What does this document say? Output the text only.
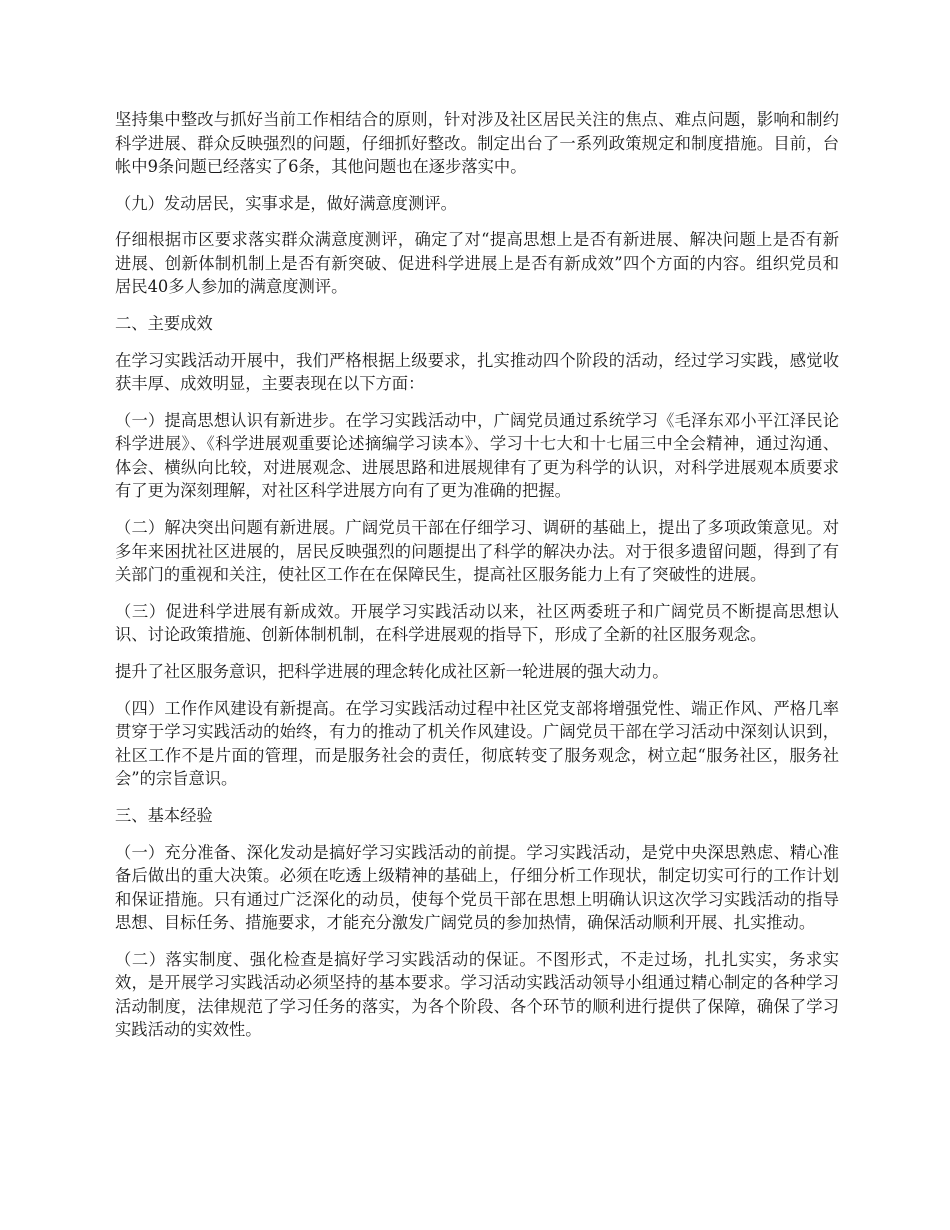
坚持集中整改与抓好当前工作相结合的原则，针对涉及社区居民关注的焦点、难点问题，影响和制约科学进展、群众反映强烈的问题，仔细抓好整改。制定出台了一系列政策规定和制度措施。目前，台帐中9条问题已经落实了6条，其他问题也在逐步落实中。

（九）发动居民，实事求是，做好满意度测评。

仔细根据市区要求落实群众满意度测评，确定了对“提高思想上是否有新进展、解决问题上是否有新进展、创新体制机制上是否有新突破、促进科学进展上是否有新成效”四个方面的内容。组织党员和居民40多人参加的满意度测评。

二、主要成效

在学习实践活动开展中，我们严格根据上级要求，扎实推动四个阶段的活动，经过学习实践，感觉收获丰厚、成效明显，主要表现在以下方面：

（一）提高思想认识有新进步。在学习实践活动中，广阔党员通过系统学习《毛泽东邓小平江泽民论科学进展》、《科学进展观重要论述摘编学习读本》、学习十七大和十七届三中全会精神，通过沟通、体会、横纵向比较，对进展观念、进展思路和进展规律有了更为科学的认识，对科学进展观本质要求有了更为深刻理解，对社区科学进展方向有了更为准确的把握。

（二）解决突出问题有新进展。广阔党员干部在仔细学习、调研的基础上，提出了多项政策意见。对多年来困扰社区进展的，居民反映强烈的问题提出了科学的解决办法。对于很多遗留问题，得到了有关部门的重视和关注，使社区工作在在保障民生，提高社区服务能力上有了突破性的进展。

（三）促进科学进展有新成效。开展学习实践活动以来，社区两委班子和广阔党员不断提高思想认识、讨论政策措施、创新体制机制，在科学进展观的指导下，形成了全新的社区服务观念。

提升了社区服务意识，把科学进展的理念转化成社区新一轮进展的强大动力。

（四）工作作风建设有新提高。在学习实践活动过程中社区党支部将增强党性、端正作风、严格几率贯穿于学习实践活动的始终，有力的推动了机关作风建设。广阔党员干部在学习活动中深刻认识到，社区工作不是片面的管理，而是服务社会的责任，彻底转变了服务观念，树立起“服务社区，服务社会”的宗旨意识。

三、基本经验

（一）充分准备、深化发动是搞好学习实践活动的前提。学习实践活动，是党中央深思熟虑、精心准备后做出的重大决策。必须在吃透上级精神的基础上，仔细分析工作现状，制定切实可行的工作计划和保证措施。只有通过广泛深化的动员，使每个党员干部在思想上明确认识这次学习实践活动的指导思想、目标任务、措施要求，才能充分激发广阔党员的参加热情，确保活动顺利开展、扎实推动。

（二）落实制度、强化检查是搞好学习实践活动的保证。不图形式，不走过场，扎扎实实，务求实效，是开展学习实践活动必须坚持的基本要求。学习活动实践活动领导小组通过精心制定的各种学习活动制度，法律规范了学习任务的落实，为各个阶段、各个环节的顺利进行提供了保障，确保了学习实践活动的实效性。
